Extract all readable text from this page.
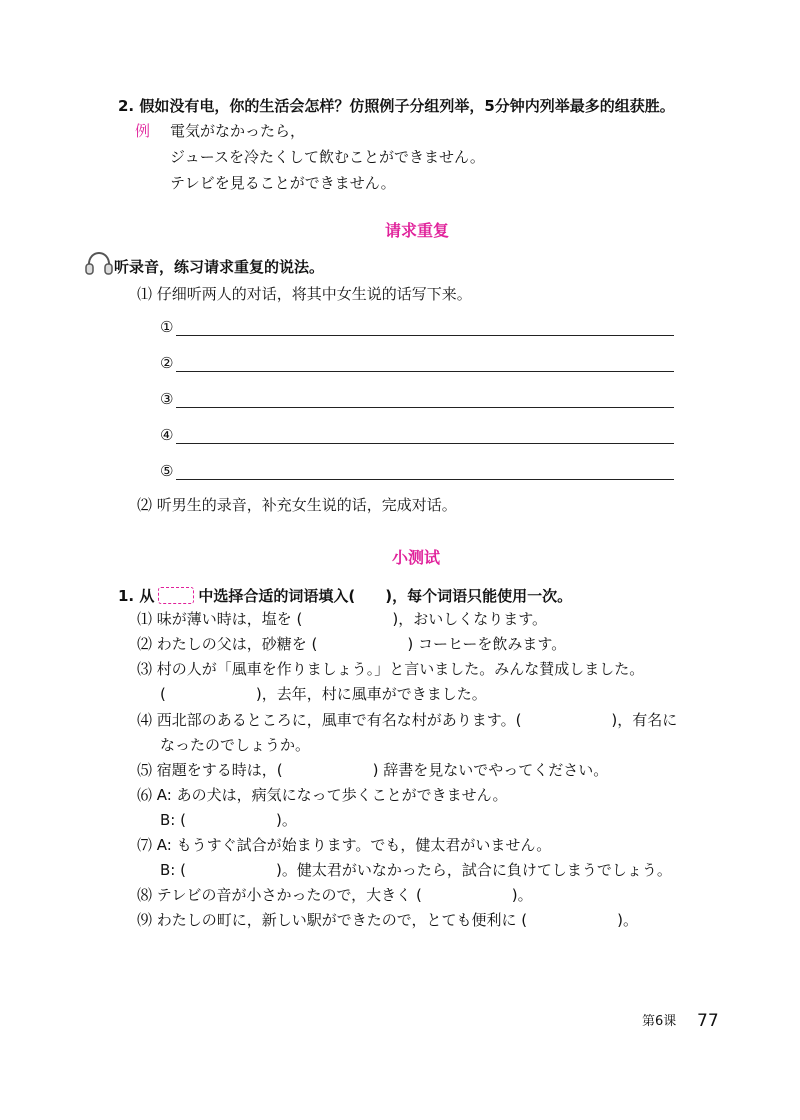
2. 假如没有电，你的生活会怎样？仿照例子分组列举，5分钟内列举最多的组获胜。
例 電気がなかったら，
ジュースを冷たくして飲むことができません。
テレビを見ることができません。
请求重复
听录音，练习请求重复的说法。
⑴ 仔细听两人的对话，将其中女生说的话写下来。
①
②
③
④
⑤
⑵ 听男生的录音，补充女生说的话，完成对话。
小测试
1. 从	中选择合适的词语填入(　　)，每个词语只能使用一次。
⑴ 味が薄い時は，塩を (　　　　　　)，おいしくなります。
⑵ わたしの父は，砂糖を (　　　　　　) コーヒーを飲みます。
⑶ 村の人が「風車を作りましょう。」と言いました。みんな賛成しました。
(　　　　　　)，去年，村に風車ができました。
⑷ 西北部のあるところに，風車で有名な村があります。(　　　　　　)，有名に
なったのでしょうか。
⑸ 宿題をする時は，(　　　　　　) 辞書を見ないでやってください。
⑹ A: あの犬は，病気になって歩くことができません。
B: (　　　　　　)。
⑺ A: もうすぐ試合が始まります。でも，健太君がいません。
B: (　　　　　　)。健太君がいなかったら，試合に負けてしまうでしょう。
⑻ テレビの音が小さかったので，大きく (　　　　　　)。
⑼ わたしの町に，新しい駅ができたので，とても便利に (　　　　　　)。
第6课 77
